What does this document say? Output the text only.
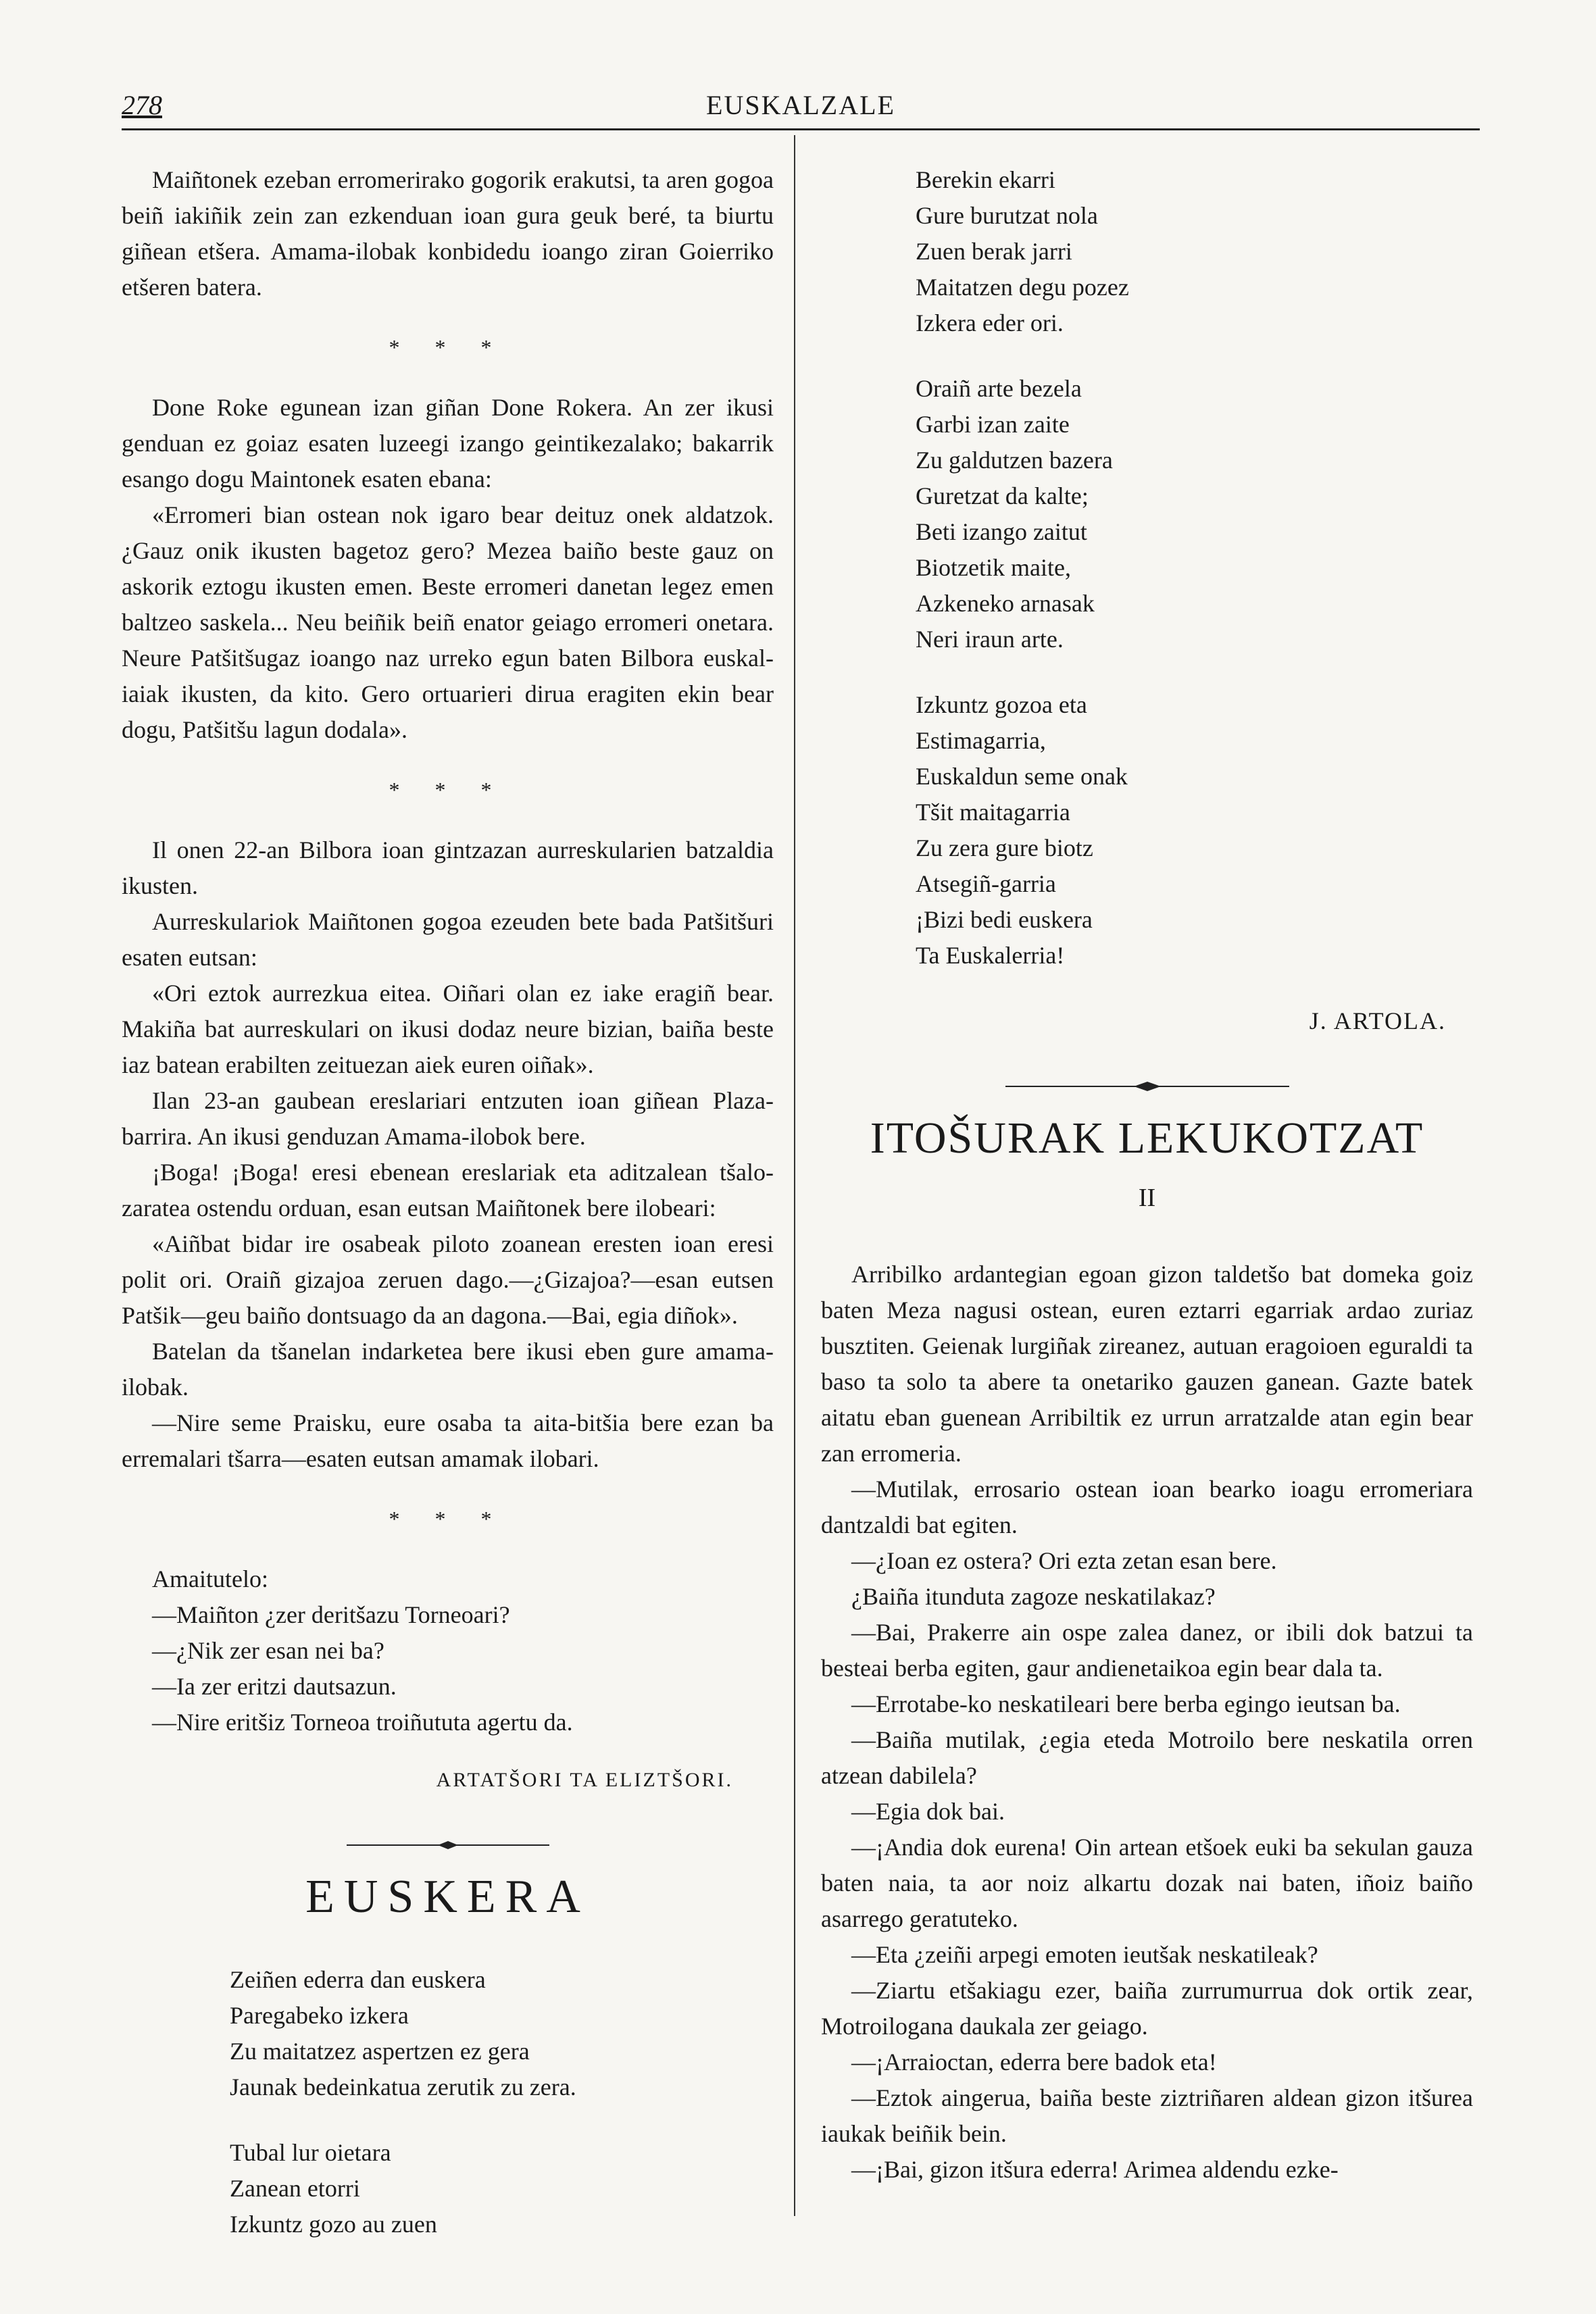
278	EUSKALZALE

Maiñtonek ezeban erromerirako gogorik erakutsi, ta aren gogoa beiñ iakiñik zein zan ezkenduan ioan gura geuk beré, ta biurtu giñean etšera. Amama-ilobak konbidedu ioango ziran Goierriko etšeren batera.

* * *

Done Roke egunean izan giñan Done Rokera. An zer ikusi genduan ez goiaz esaten luzeegi izango geintikezalako; bakarrik esango dogu Maintonek esaten ebana:

«Erromeri bian ostean nok igaro bear deituz onek aldatzok. ¿Gauz onik ikusten bagetoz gero? Mezea baiño beste gauz on askorik eztogu ikusten emen. Beste erromeri danetan legez emen baltzeo saskela... Neu beiñik beiñ enator geiago erromeri onetara. Neure Patšitšugaz ioango naz urreko egun baten Bilbora euskal-iaiak ikusten, da kito. Gero ortuarieri dirua eragiten ekin bear dogu, Patšitšu lagun dodala».

* * *

Il onen 22-an Bilbora ioan gintzazan aurreskularien batzaldia ikusten.

Aurreskulariok Maiñtonen gogoa ezeuden bete bada Patšitšuri esaten eutsan:

«Ori eztok aurrezkua eitea. Oiñari olan ez iake eragiñ bear. Makiña bat aurreskulari on ikusi dodaz neure bizian, baiña beste iaz batean erabilten zeituezan aiek euren oiñak».

Ilan 23-an gaubean ereslariari entzuten ioan giñean Plaza-barrira. An ikusi genduzan Amama-ilobok bere.

¡Boga! ¡Boga! eresi ebenean ereslariak eta aditzalean tšalo-zaratea ostendu orduan, esan eutsan Maiñtonek bere ilobeari:

«Aiñbat bidar ire osabeak piloto zoanean eresten ioan eresi polit ori. Oraiñ gizajoa zeruen dago.—¿Gizajoa?—esan eutsen Patšik—geu baiño dontsuago da an dagona.—Bai, egia diñok».

Batelan da tšanelan indarketea bere ikusi eben gure amama-ilobak.

—Nire seme Praisku, eure osaba ta aita-bitšia bere ezan ba erremalari tšarra—esaten eutsan amamak ilobari.

* * *

Amaitutelo:

—Maiñton ¿zer deritšazu Torneoari?

—¿Nik zer esan nei ba?

—Ia zer eritzi dautsazun.

—Nire eritšiz Torneoa troiñututa agertu da.

ARTATŠORI TA ELIZTŠORI.
EUSKERA
Zeiñen ederra dan euskera
Paregabeko izkera
Zu maitatzez aspertzen ez gera
Jaunak bedeinkatua zerutik zu zera.
Tubal lur oietara
Zanean etorri
Izkuntz gozo au zuen
Berekin ekarri
Gure burutzat nola
Zuen berak jarri
Maitatzen degu pozez
Izkera eder ori.
Oraiñ arte bezela
Garbi izan zaite
Zu galdutzen bazera
Guretzat da kalte;
Beti izango zaitut
Biotzetik maite,
Azkeneko arnasak
Neri iraun arte.
Izkuntz gozoa eta
Estimagarria,
Euskaldun seme onak
Tšit maitagarria
Zu zera gure biotz
Atsegiñ-garria
¡Bizi bedi euskera
Ta Euskalerria!
J. ARTOLA.
ITOŠURAK LEKUKOTZAT
II

Arribilko ardantegian egoan gizon taldetšo bat domeka goiz baten Meza nagusi ostean, euren eztarri egarriak ardao zuriaz busztiten. Geienak lurgiñak zireanez, autuan eragoioen eguraldi ta baso ta solo ta abere ta onetariko gauzen ganean. Gazte batek aitatu eban guenean Arribiltik ez urrun arratzalde atan egin bear zan erromeria.

—Mutilak, errosario ostean ioan bearko ioagu erromeriara dantzaldi bat egiten.

—¿Ioan ez ostera? Ori ezta zetan esan bere.

¿Baiña itunduta zagoze neskatilakaz?

—Bai, Prakerre ain ospe zalea danez, or ibili dok batzui ta besteai berba egiten, gaur andienetaikoa egin bear dala ta.

—Errotabe-ko neskatileari bere berba egingo ieutsan ba.

—Baiña mutilak, ¿egia eteda Motroilo bere neskatila orren atzean dabilela?

—Egia dok bai.

—¡Andia dok eurena! Oin artean etšoek euki ba sekulan gauza baten naia, ta aor noiz alkartu dozak nai baten, iñoiz baiño asarrego geratuteko.

—Eta ¿zeiñi arpegi emoten ieutšak neskatileak?

—Ziartu etšakiagu ezer, baiña zurrumurrua dok ortik zear, Motroilogana daukala zer geiago.

—¡Arraioctan, ederra bere badok eta!

—Eztok aingerua, baiña beste ziztriñaren aldean gizon itšurea iaukak beiñik bein.

—¡Bai, gizon itšura ederra! Arimea aldendu ezke-
